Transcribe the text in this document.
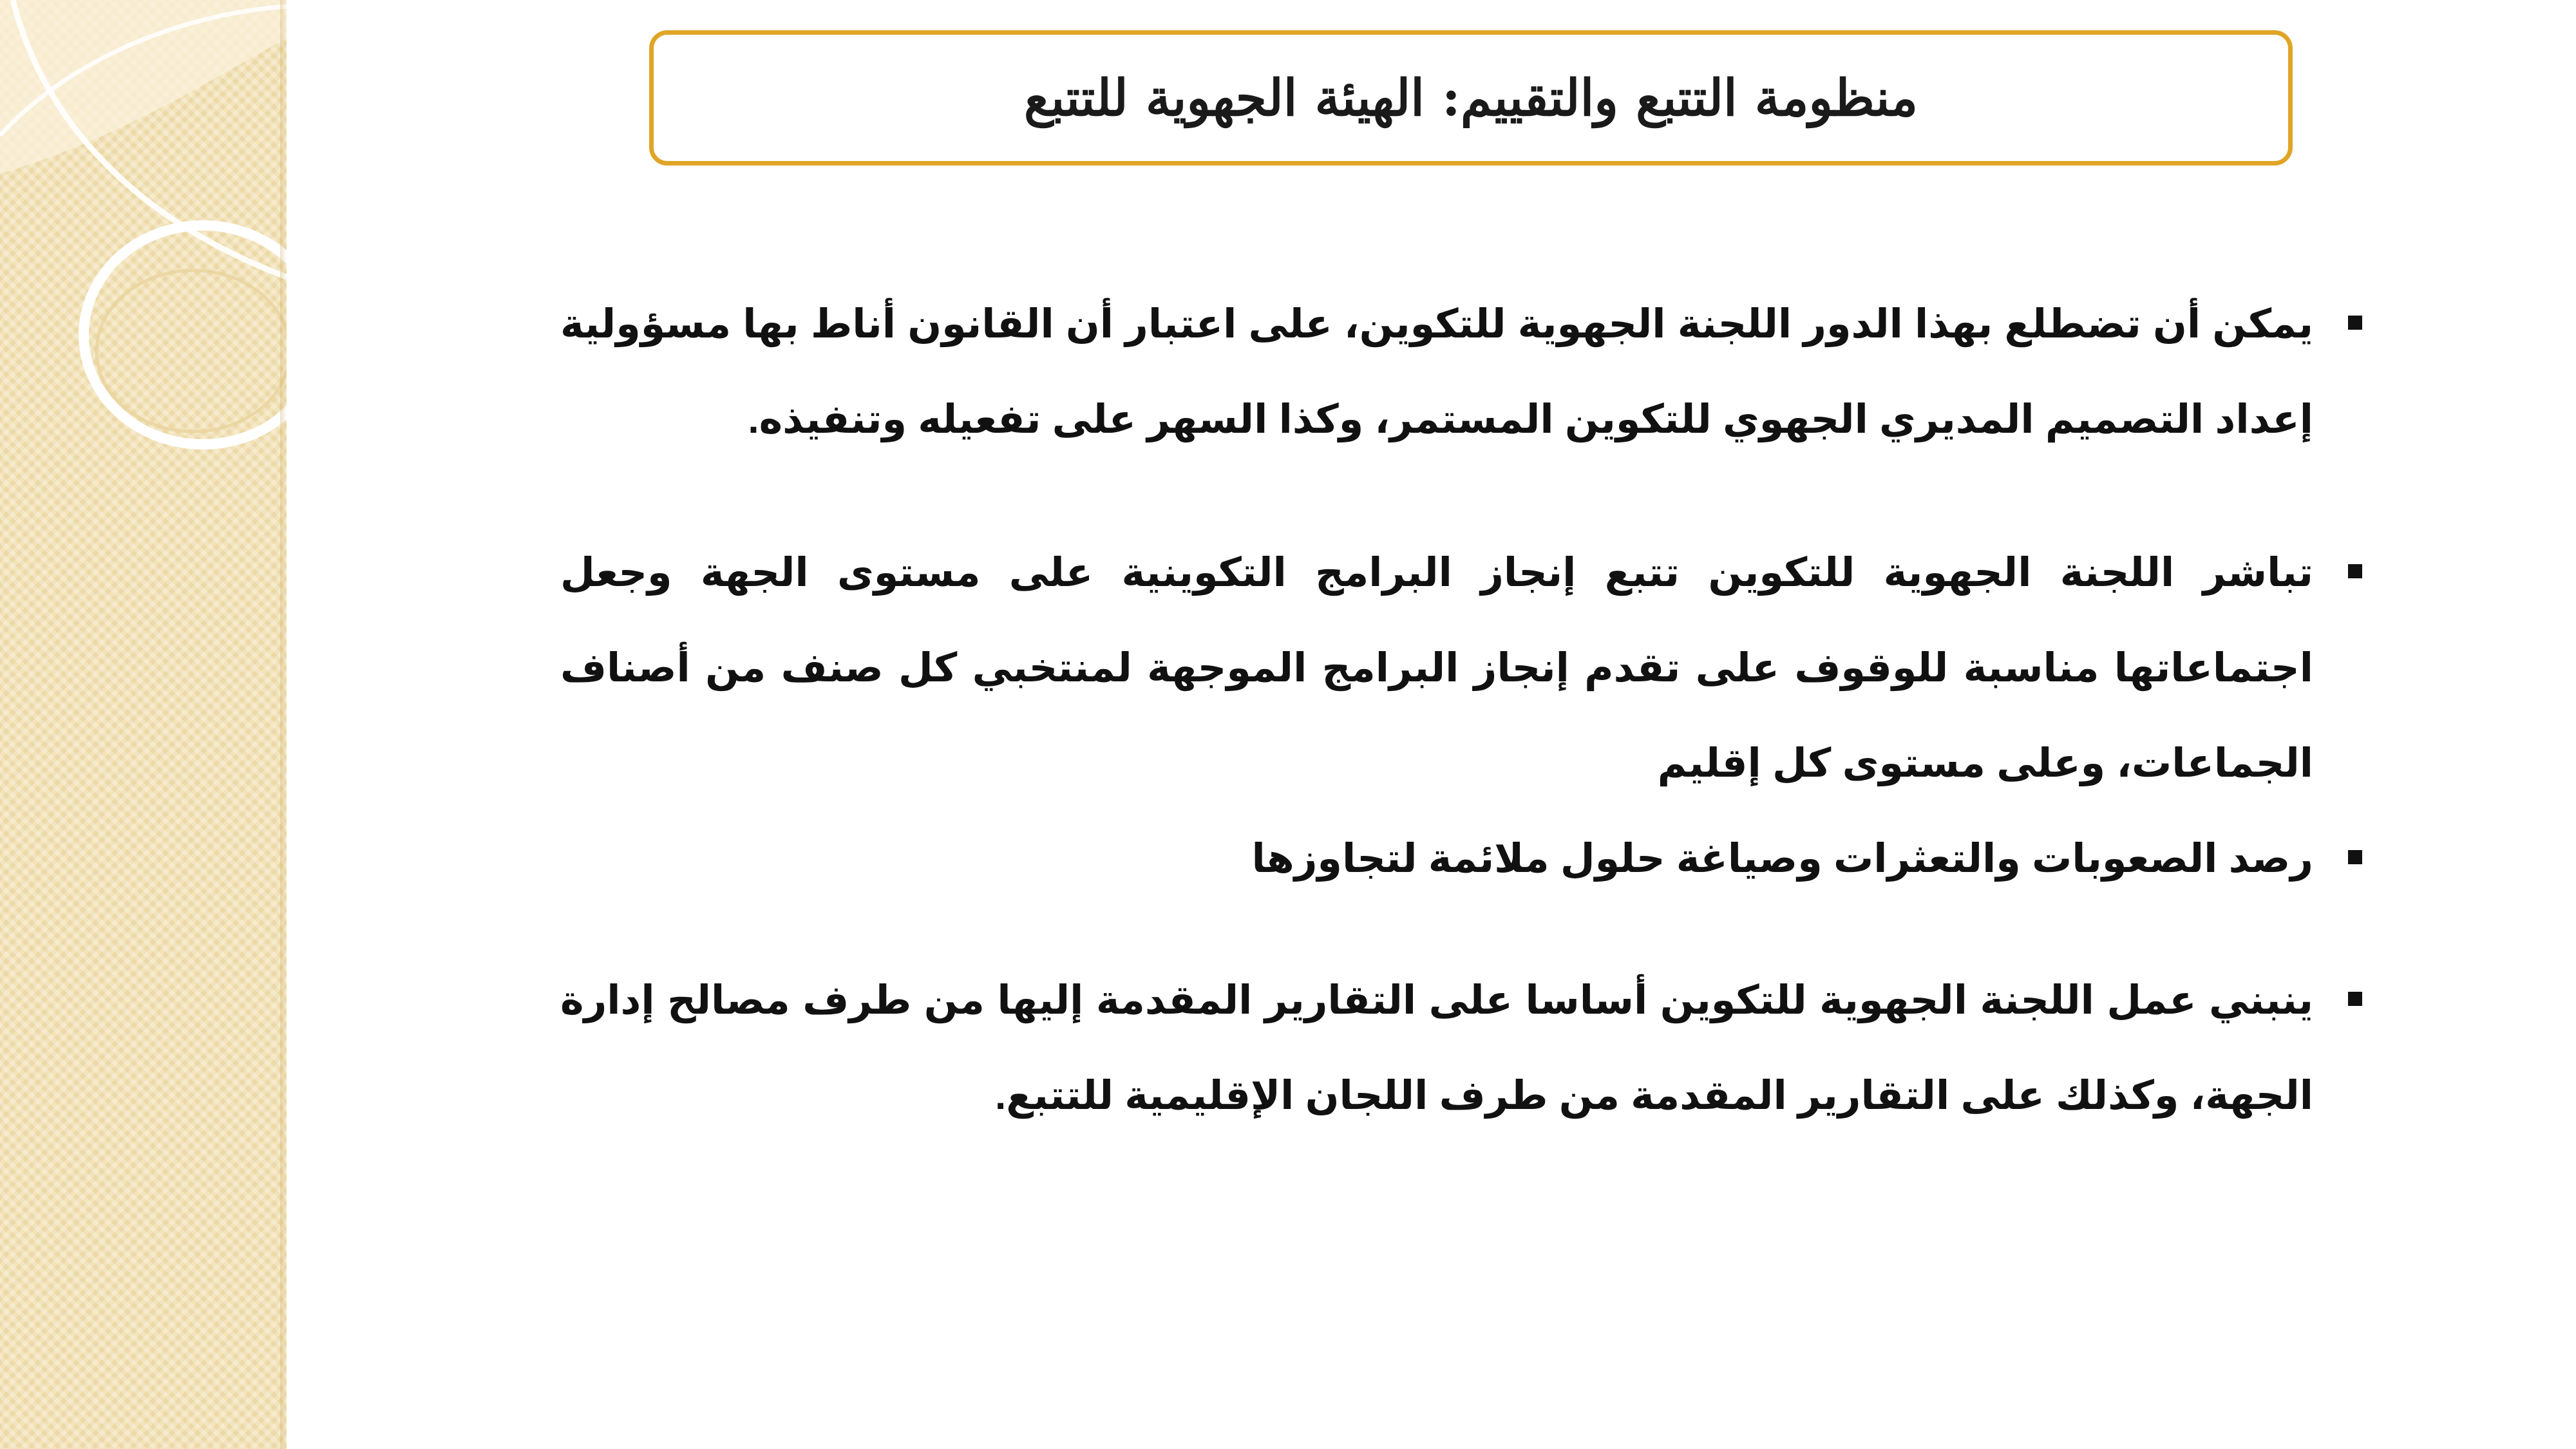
منظومة التتبع والتقييم: الهيئة الجهوية للتتبع
يمكن أن تضطلع بهذا الدور اللجنة الجهوية للتكوين، على اعتبار أن القانون أناط بها مسؤولية إعداد التصميم المديري الجهوي للتكوين المستمر، وكذا السهر على تفعيله وتنفيذه.
تباشر اللجنة الجهوية للتكوين تتبع إنجاز البرامج التكوينية على مستوى الجهة وجعل اجتماعاتها مناسبة للوقوف على تقدم إنجاز البرامج الموجهة لمنتخبي كل صنف من أصناف الجماعات، وعلى مستوى كل إقليم
رصد الصعوبات والتعثرات وصياغة حلول ملائمة لتجاوزها
ينبني عمل اللجنة الجهوية للتكوين أساسا على التقارير المقدمة إليها من طرف مصالح إدارة الجهة، وكذلك على التقارير المقدمة من طرف اللجان الإقليمية للتتبع.
